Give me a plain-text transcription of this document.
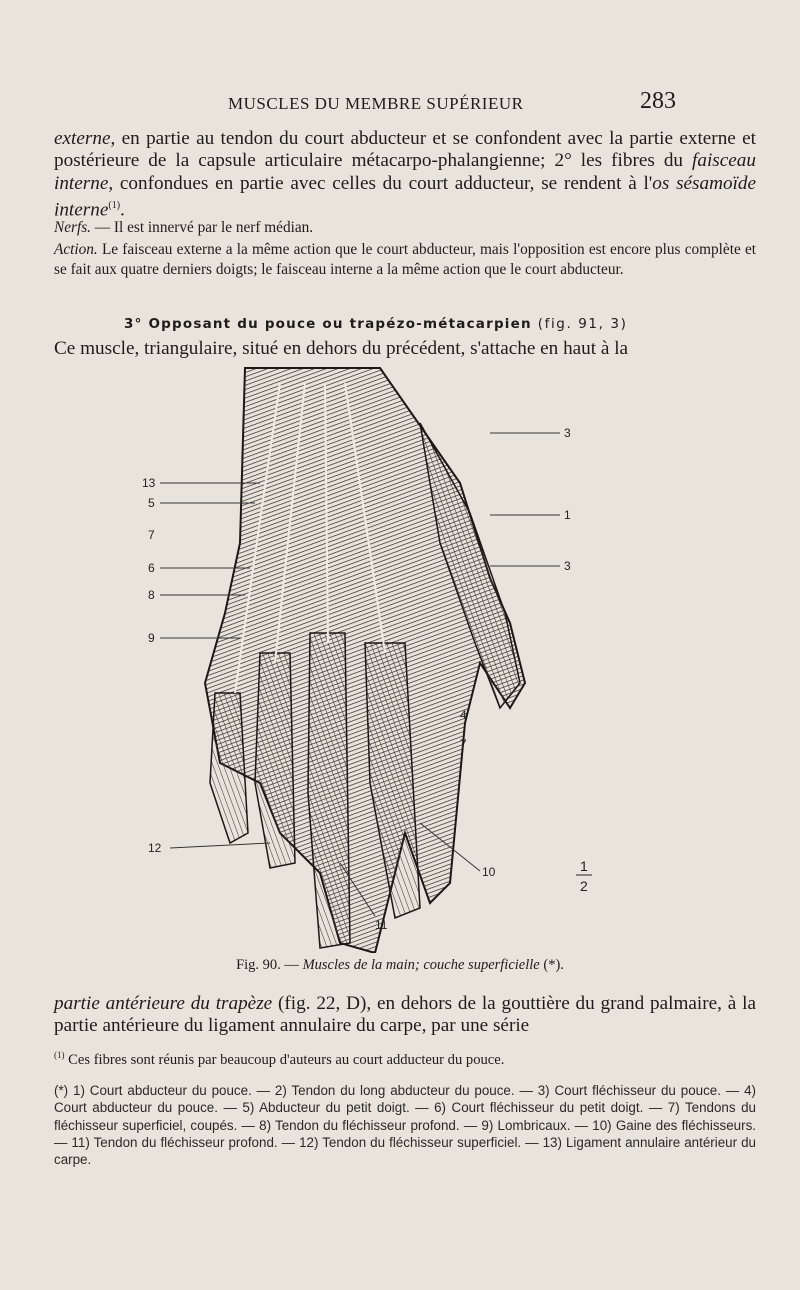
MUSCLES DU MEMBRE SUPÉRIEUR	283

externe, en partie au tendon du court abducteur et se confondent avec la partie externe et postérieure de la capsule articulaire métacarpo-phalangienne; 2° les fibres du faisceau interne, confondues en partie avec celles du court adducteur, se rendent à l'os sésamoïde interne$^{(1)}$.

Nerfs. — Il est innervé par le nerf médian.

Action. Le faisceau externe a la même action que le court abducteur, mais l'opposition est encore plus complète et se fait aux quatre derniers doigts; le faisceau interne a la même action que le court abducteur.

3° Opposant du pouce ou trapézo-métacarpien (fig. 91, 3)

Ce muscle, triangulaire, situé en dehors du précédent, s'attache en haut à la

13
5
7
6
8
9
12
3
1
3
4
7
10
11
1
2
Fig. 90. — Muscles de la main; couche superficielle (*).

partie antérieure du trapèze (fig. 22, D), en dehors de la gouttière du grand palmaire, à la partie antérieure du ligament annulaire du carpe, par une série

$^{(1)}$ Ces fibres sont réunis par beaucoup d'auteurs au court adducteur du pouce.

(*) 1) Court abducteur du pouce. — 2) Tendon du long abducteur du pouce. — 3) Court fléchisseur du pouce. — 4) Court abducteur du pouce. — 5) Abducteur du petit doigt. — 6) Court fléchisseur du petit doigt. — 7) Tendons du fléchisseur superficiel, coupés. — 8) Tendon du fléchisseur profond. — 9) Lombricaux. — 10) Gaine des fléchisseurs. — 11) Tendon du fléchisseur profond. — 12) Tendon du fléchisseur superficiel. — 13) Ligament annulaire antérieur du carpe.
